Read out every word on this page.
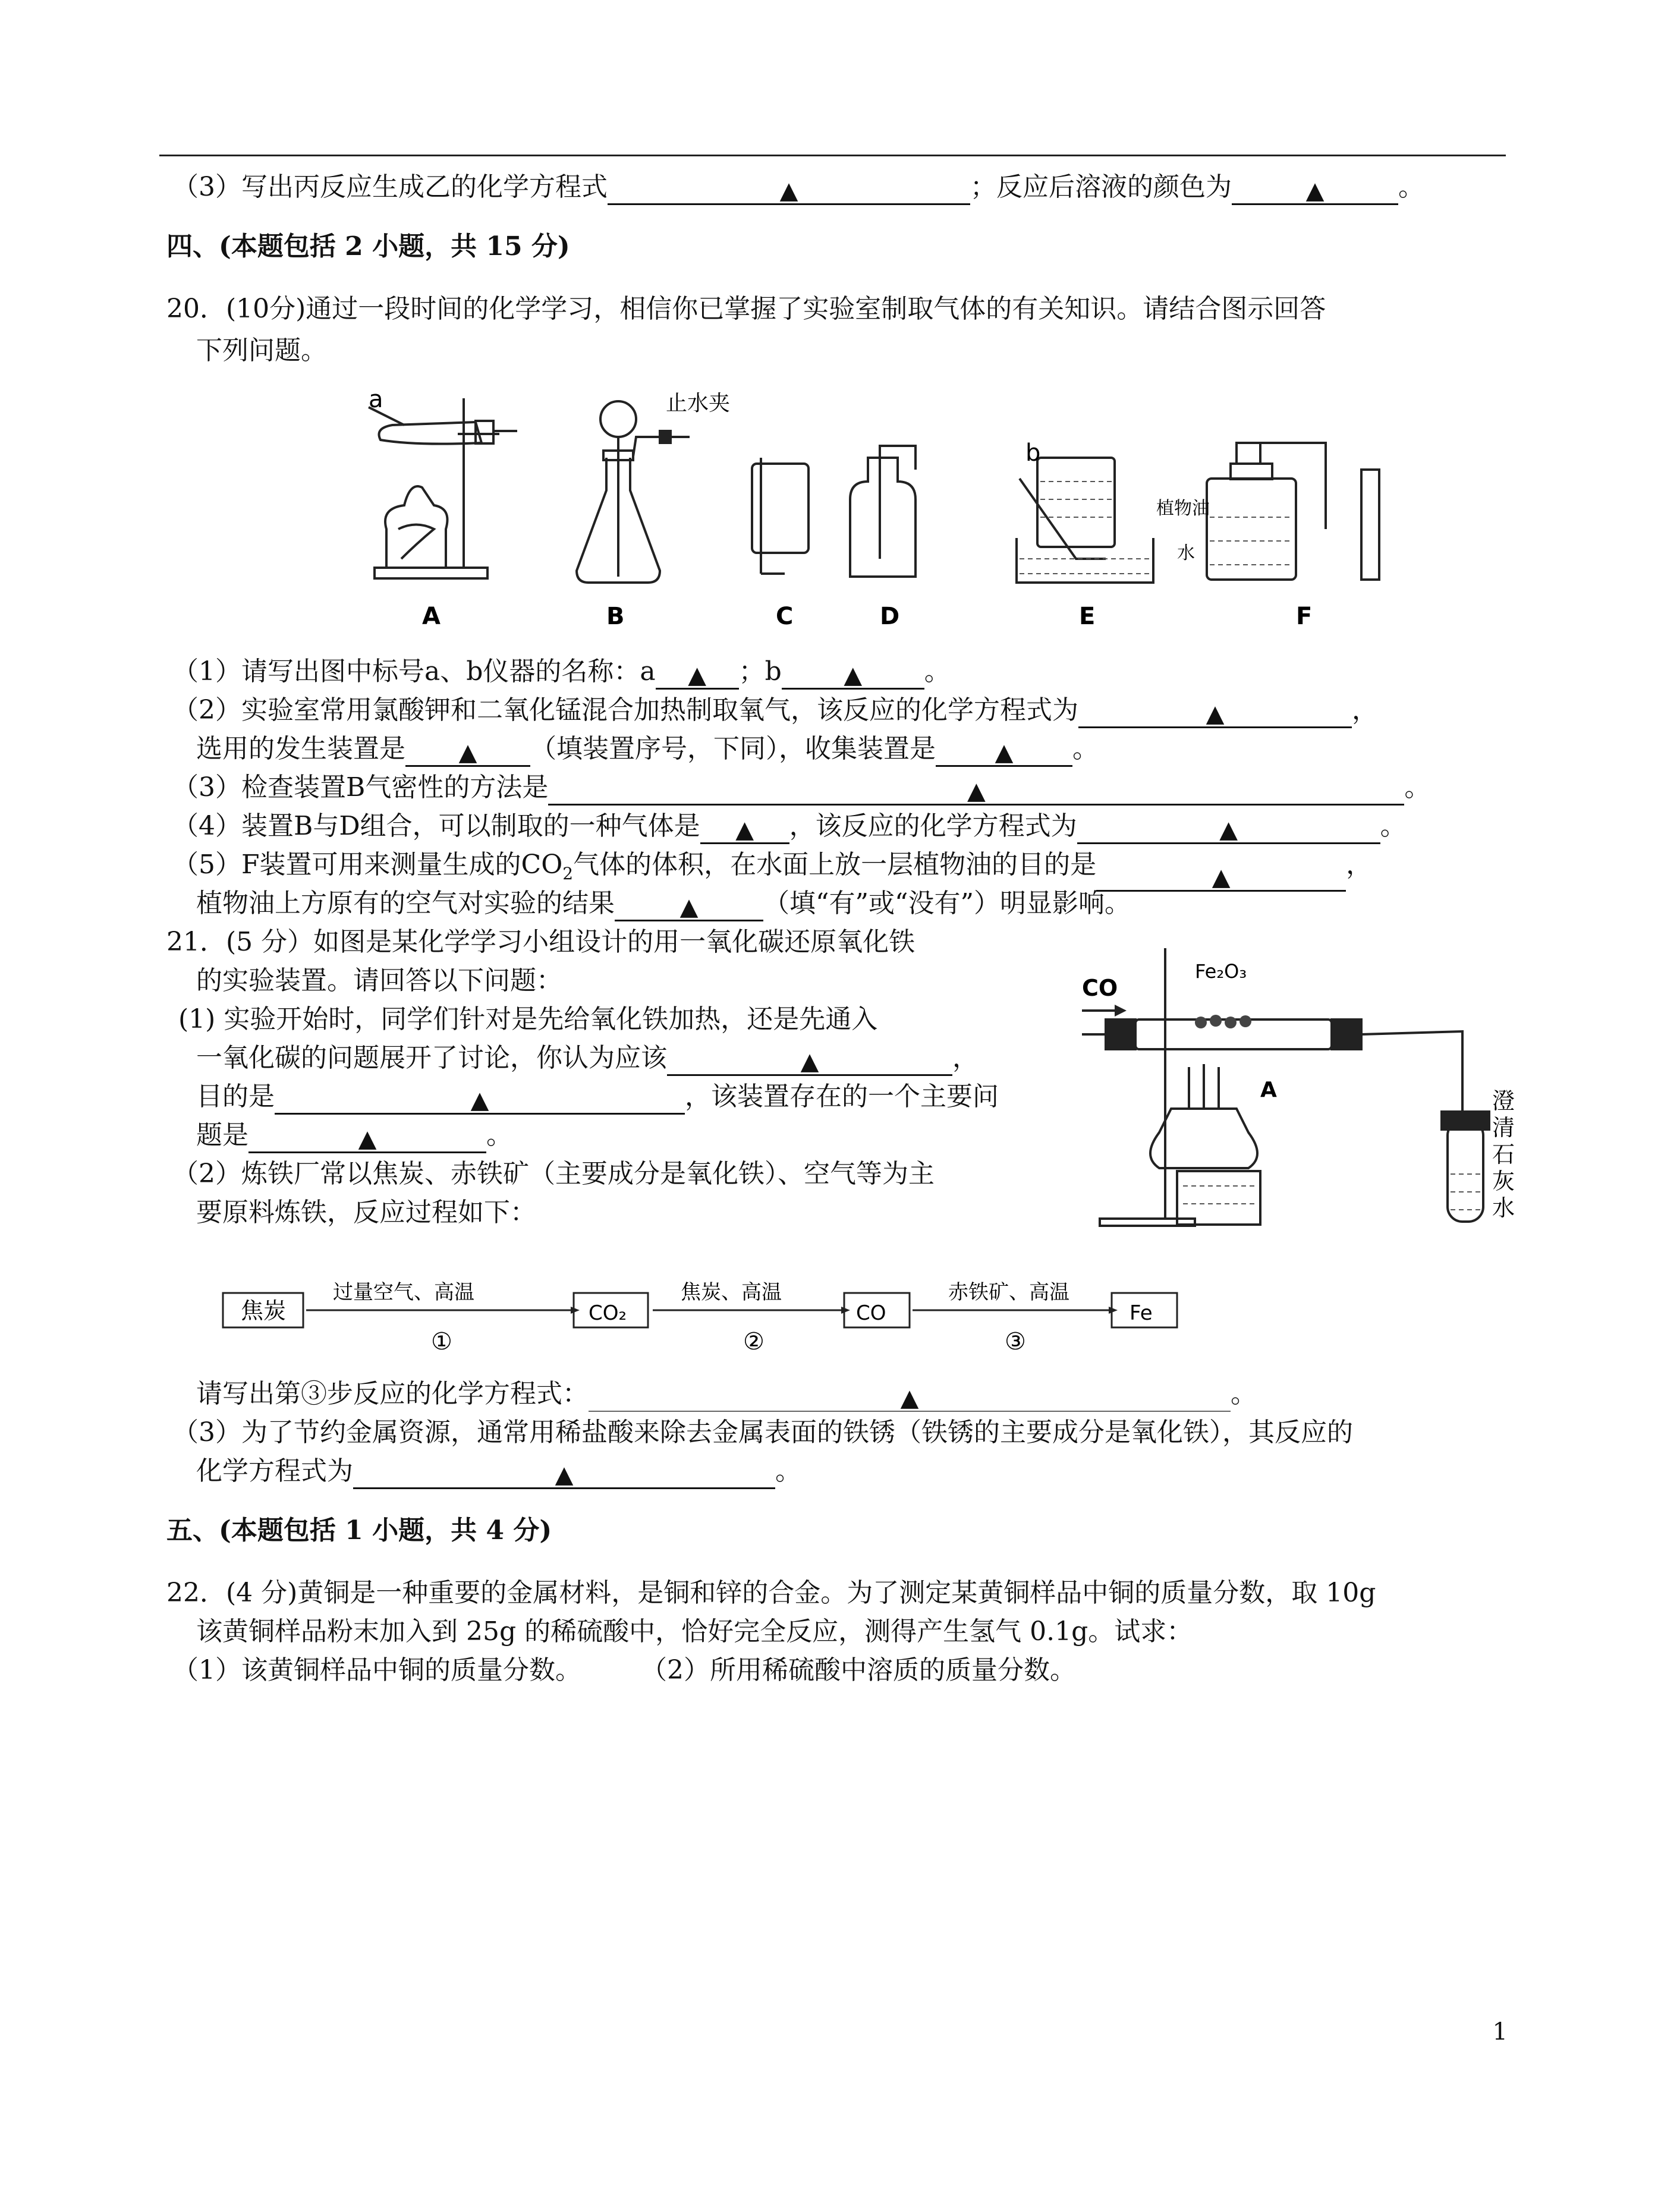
（3）写出丙反应生成乙的化学方程式	▲	；反应后溶液的颜色为	▲	。
四、(本题包括 2 小题，共 15 分)
20．(10分)通过一段时间的化学学习，相信你已掌握了实验室制取气体的有关知识。请结合图示回答
下列问题。
a	止水夹
b
植物油
水
A	B	C	D	E	F
（1）请写出图中标号a、b仪器的名称：a ▲ ；b	▲ 。
（2）实验室常用氯酸钾和二氧化锰混合加热制取氧气，该反应的化学方程式为	▲	，
选用的发生装置是 ▲ （填装置序号，下同），收集装置是 ▲ 。
（3）检查装置B气密性的方法是	▲	。
（4）装置B与D组合，可以制取的一种气体是 ▲ ，该反应的化学方程式为	▲	。
（5）F装置可用来测量生成的$CO_2$气体的体积，在水面上放一层植物油的目的是	▲	，
植物油上方原有的空气对实验的结果	▲ （填“有”或“没有”）明显影响。
21．(5 分）如图是某化学学习小组设计的用一氧化碳还原氧化铁
的实验装置。请回答以下问题：
(1) 实验开始时，同学们针对是先给氧化铁加热，还是先通入
一氧化碳的问题展开了讨论，你认为应该	▲	，
目的是	▲	，该装置存在的一个主要问
题是	▲	。
（2）炼铁厂常以焦炭、赤铁矿（主要成分是氧化铁）、空气等为主
要原料炼铁，反应过程如下：
CO
Fe₂O₃
A	澄
清
石
灰
水
焦炭	CO₂	CO	Fe
过量空气、高温	焦炭、高温	赤铁矿、高温
①	②	③
请写出第③步反应的化学方程式：	▲	。
（3）为了节约金属资源，通常用稀盐酸来除去金属表面的铁锈（铁锈的主要成分是氧化铁），其反应的
化学方程式为	▲	。
五、(本题包括 1 小题，共 4 分)
22．(4 分)黄铜是一种重要的金属材料，是铜和锌的合金。为了测定某黄铜样品中铜的质量分数，取 10g
该黄铜样品粉末加入到 25g 的稀硫酸中，恰好完全反应，测得产生氢气 0.1g。试求：
（1）该黄铜样品中铜的质量分数。 （2）所用稀硫酸中溶质的质量分数。
1
